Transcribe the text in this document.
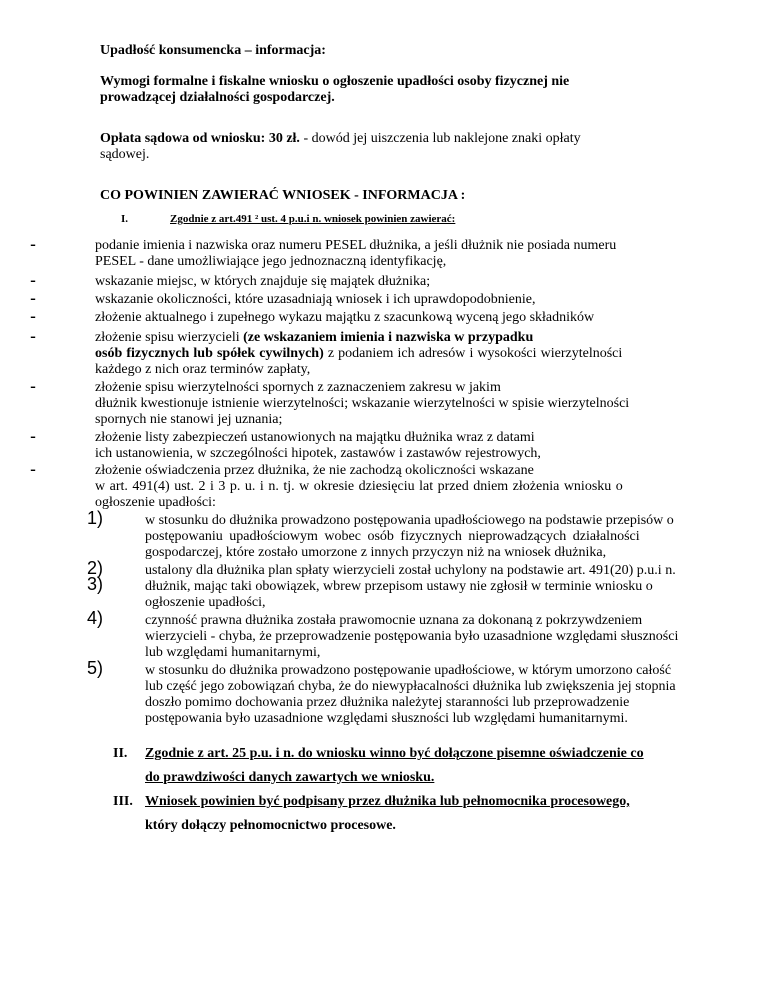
Upadłość konsumencka – informacja:
Wymogi formalne i fiskalne wniosku o ogłoszenie upadłości osoby fizycznej nie
prowadzącej działalności gospodarczej.
Opłata sądowa od wniosku: 30 zł. - dowód jej uiszczenia lub naklejone znaki opłaty
sądowej.
CO POWINIEN ZAWIERAĆ WNIOSEK - INFORMACJA :
I.	Zgodnie z art.491 ² ust. 4 p.u.i n. wniosek powinien zawierać:
-	podanie imienia i nazwiska oraz numeru PESEL dłużnika, a jeśli dłużnik nie posiada numeru
PESEL - dane umożliwiające jego jednoznaczną identyfikację,
-	wskazanie miejsc, w których znajduje się majątek dłużnika;
-	wskazanie okoliczności, które uzasadniają wniosek i ich uprawdopodobnienie,
-	złożenie aktualnego i zupełnego wykazu majątku z szacunkową wyceną jego składników
-	złożenie spisu wierzycieli (ze wskazaniem imienia i nazwiska w przypadku
osób fizycznych lub spółek cywilnych) z podaniem ich adresów i wysokości wierzytelności
każdego z nich oraz terminów zapłaty,
-	złożenie spisu wierzytelności spornych z zaznaczeniem zakresu w jakim
dłużnik kwestionuje istnienie wierzytelności; wskazanie wierzytelności w spisie wierzytelności
spornych nie stanowi jej uznania;
-	złożenie listy zabezpieczeń ustanowionych na majątku dłużnika wraz z datami
ich ustanowienia, w szczególności hipotek, zastawów i zastawów rejestrowych,
-	złożenie oświadczenia przez dłużnika, że nie zachodzą okoliczności wskazane
w art. 491(4) ust. 2 i 3 p. u. i n. tj. w okresie dziesięciu lat przed dniem złożenia wniosku o
ogłoszenie upadłości:
1)	w stosunku do dłużnika prowadzono postępowania upadłościowego na podstawie przepisów o
postępowaniu upadłościowym wobec osób fizycznych nieprowadzących działalności
gospodarczej, które zostało umorzone z innych przyczyn niż na wniosek dłużnika,
2)	ustalony dla dłużnika plan spłaty wierzycieli został uchylony na podstawie art. 491(20) p.u.i n.
3)	dłużnik, mając taki obowiązek, wbrew przepisom ustawy nie zgłosił w terminie wniosku o
ogłoszenie upadłości,
4)	czynność prawna dłużnika została prawomocnie uznana za dokonaną z pokrzywdzeniem
wierzycieli - chyba, że przeprowadzenie postępowania było uzasadnione względami słuszności
lub względami humanitarnymi,
5)	w stosunku do dłużnika prowadzono postępowanie upadłościowe, w którym umorzono całość
lub część jego zobowiązań chyba, że do niewypłacalności dłużnika lub zwiększenia jej stopnia
doszło pomimo dochowania przez dłużnika należytej staranności lub przeprowadzenie
postępowania było uzasadnione względami słuszności lub względami humanitarnymi.
II. Zgodnie z art. 25 p.u. i n. do wniosku winno być dołączone pisemne oświadczenie co
do prawdziwości danych zawartych we wniosku.
III. Wniosek powinien być podpisany przez dłużnika lub pełnomocnika procesowego,
który dołączy pełnomocnictwo procesowe.
